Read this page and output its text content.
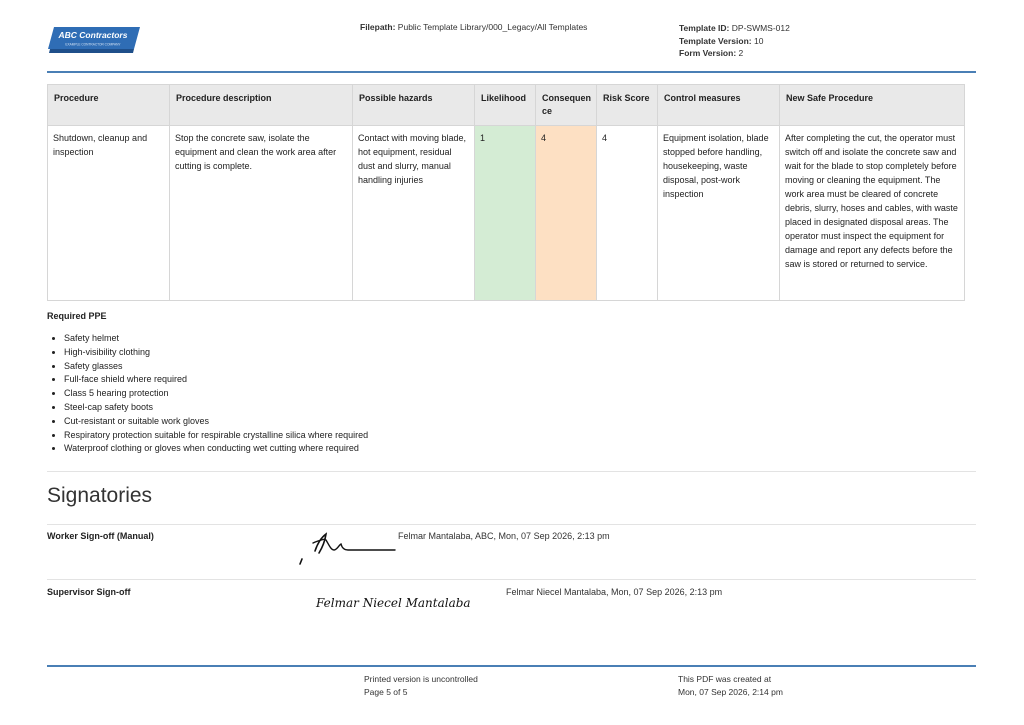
ABC Contractors
EXAMPLE CONTRACTOR COMPANY
Filepath: Public Template Library/000_Legacy/All Templates	Template ID: DP-SWMS-012
Template Version: 10
Form Version: 2
Procedure	Procedure description	Possible hazards	Likelihood	Consequen ce	Risk Score	Control measures	New Safe Procedure
Shutdown, cleanup and inspection	Stop the concrete saw, isolate the equipment and clean the work area after cutting is complete.	Contact with moving blade, hot equipment, residual dust and slurry, manual handling injuries	1	4	4	Equipment isolation, blade stopped before handling, housekeeping, waste disposal, post-work inspection	After completing the cut, the operator must switch off and isolate the concrete saw and wait for the blade to stop completely before moving or cleaning the equipment. The work area must be cleared of concrete debris, slurry, hoses and cables, with waste placed in designated disposal areas. The operator must inspect the equipment for damage and report any defects before the saw is stored or returned to service.
Required PPE
• Safety helmet
• High-visibility clothing
• Safety glasses
• Full-face shield where required
• Class 5 hearing protection
• Steel-cap safety boots
• Cut-resistant or suitable work gloves
• Respiratory protection suitable for respirable crystalline silica where required
• Waterproof clothing or gloves when conducting wet cutting where required
Signatories
Worker Sign-off (Manual)	Felmar Mantalaba, ABC, Mon, 07 Sep 2026, 2:13 pm
Supervisor Sign-off
Felmar Niecel Mantalaba
Felmar Niecel Mantalaba, Mon, 07 Sep 2026, 2:13 pm
Printed version is uncontrolled
Page 5 of 5
This PDF was created at
Mon, 07 Sep 2026, 2:14 pm
